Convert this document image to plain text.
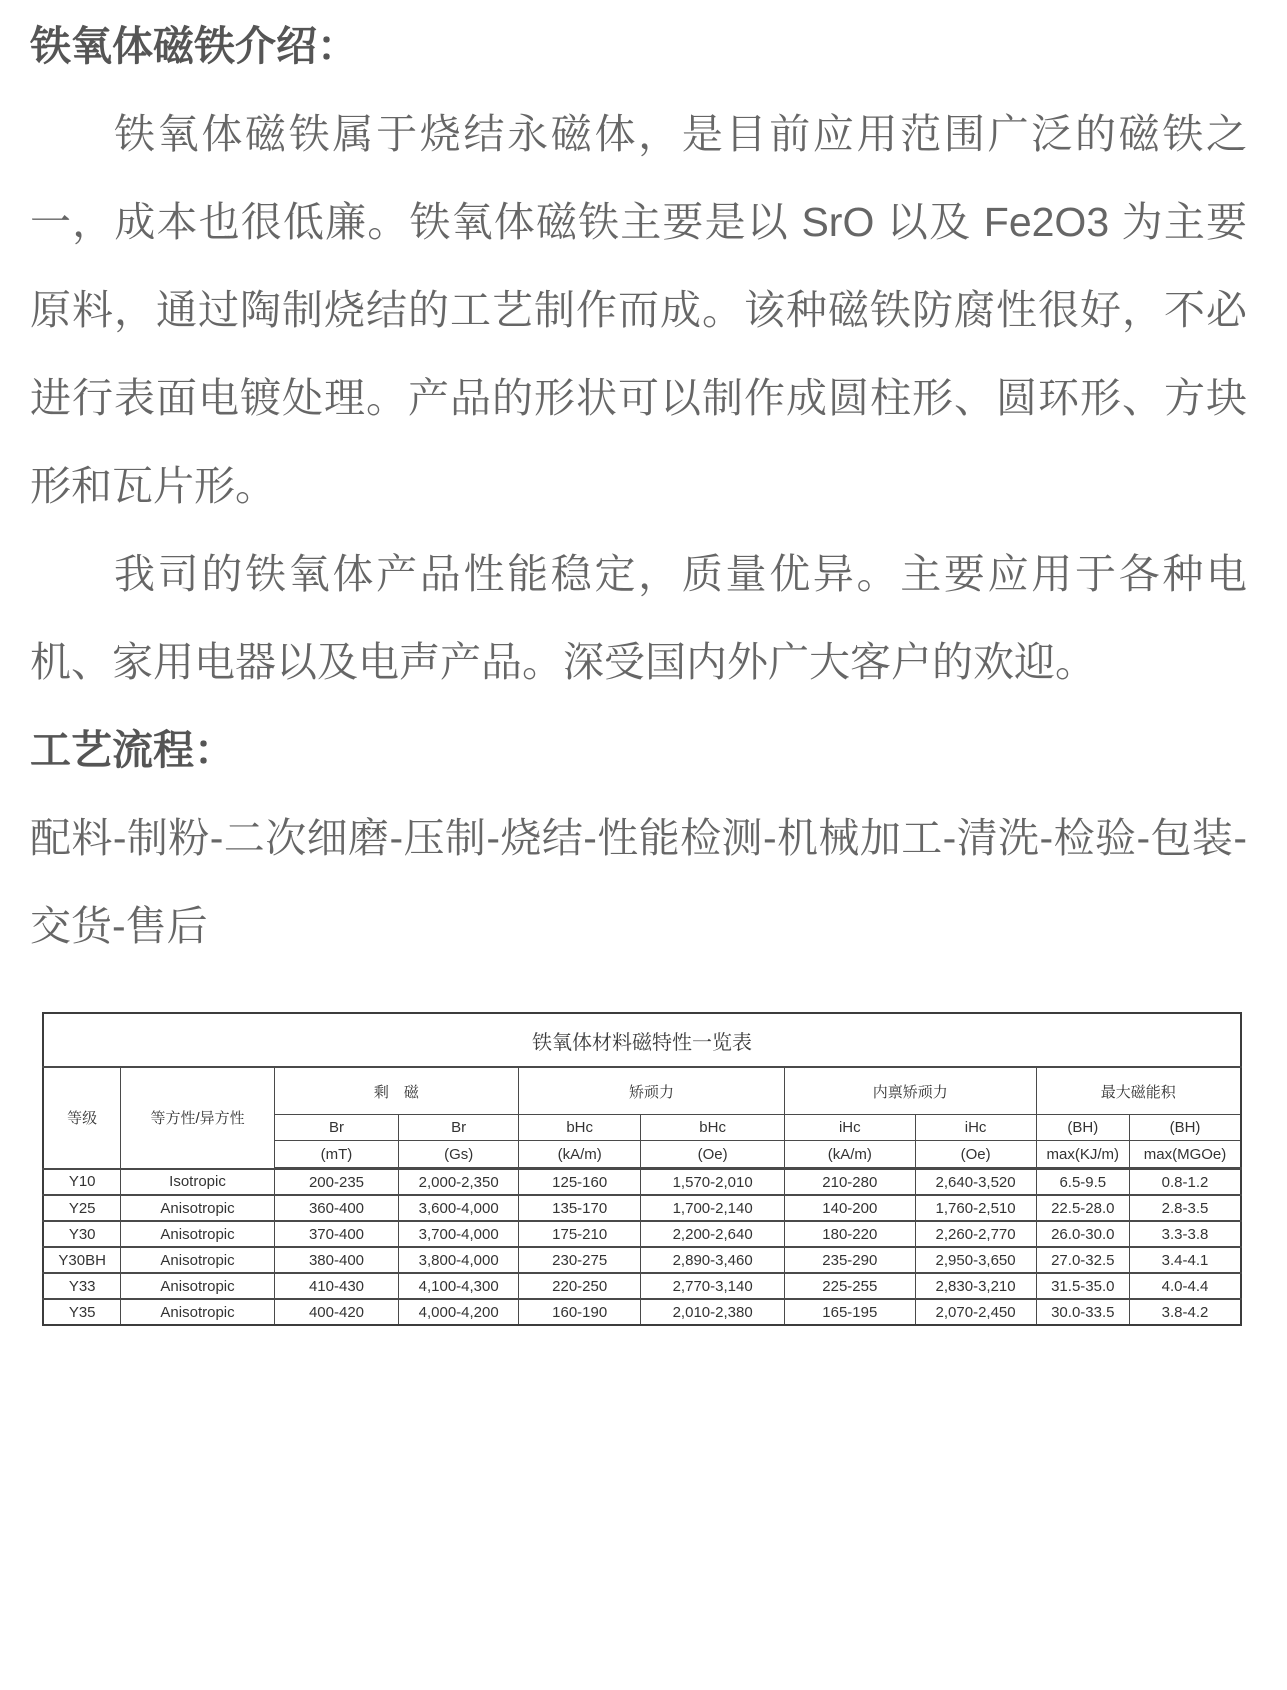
铁氧体磁铁介绍：

铁氧体磁铁属于烧结永磁体，是目前应用范围广泛的磁铁之一，成本也很低廉。铁氧体磁铁主要是以 SrO 以及 Fe2O3 为主要原料，通过陶制烧结的工艺制作而成。该种磁铁防腐性很好，不必进行表面电镀处理。产品的形状可以制作成圆柱形、圆环形、方块形和瓦片形。

我司的铁氧体产品性能稳定，质量优异。主要应用于各种电机、家用电器以及电声产品。深受国内外广大客户的欢迎。

工艺流程：

配料-制粉-二次细磨-压制-烧结-性能检测-机械加工-清洗-检验-包装-交货-售后

铁氧体材料磁特性一览表									
等级	等方性/异方性	剩　磁		矫顽力		内禀矫顽力		最大磁能积	
		Br	Br	bHc	bHc	iHc	iHc	(BH)	(BH)
		(mT)	(Gs)	(kA/m)	(Oe)	(kA/m)	(Oe)	max(KJ/m)	max(MGOe)
Y10	Isotropic	200-235	2,000-2,350	125-160	1,570-2,010	210-280	2,640-3,520	6.5-9.5	0.8-1.2
Y25	Anisotropic	360-400	3,600-4,000	135-170	1,700-2,140	140-200	1,760-2,510	22.5-28.0	2.8-3.5
Y30	Anisotropic	370-400	3,700-4,000	175-210	2,200-2,640	180-220	2,260-2,770	26.0-30.0	3.3-3.8
Y30BH	Anisotropic	380-400	3,800-4,000	230-275	2,890-3,460	235-290	2,950-3,650	27.0-32.5	3.4-4.1
Y33	Anisotropic	410-430	4,100-4,300	220-250	2,770-3,140	225-255	2,830-3,210	31.5-35.0	4.0-4.4
Y35	Anisotropic	400-420	4,000-4,200	160-190	2,010-2,380	165-195	2,070-2,450	30.0-33.5	3.8-4.2
